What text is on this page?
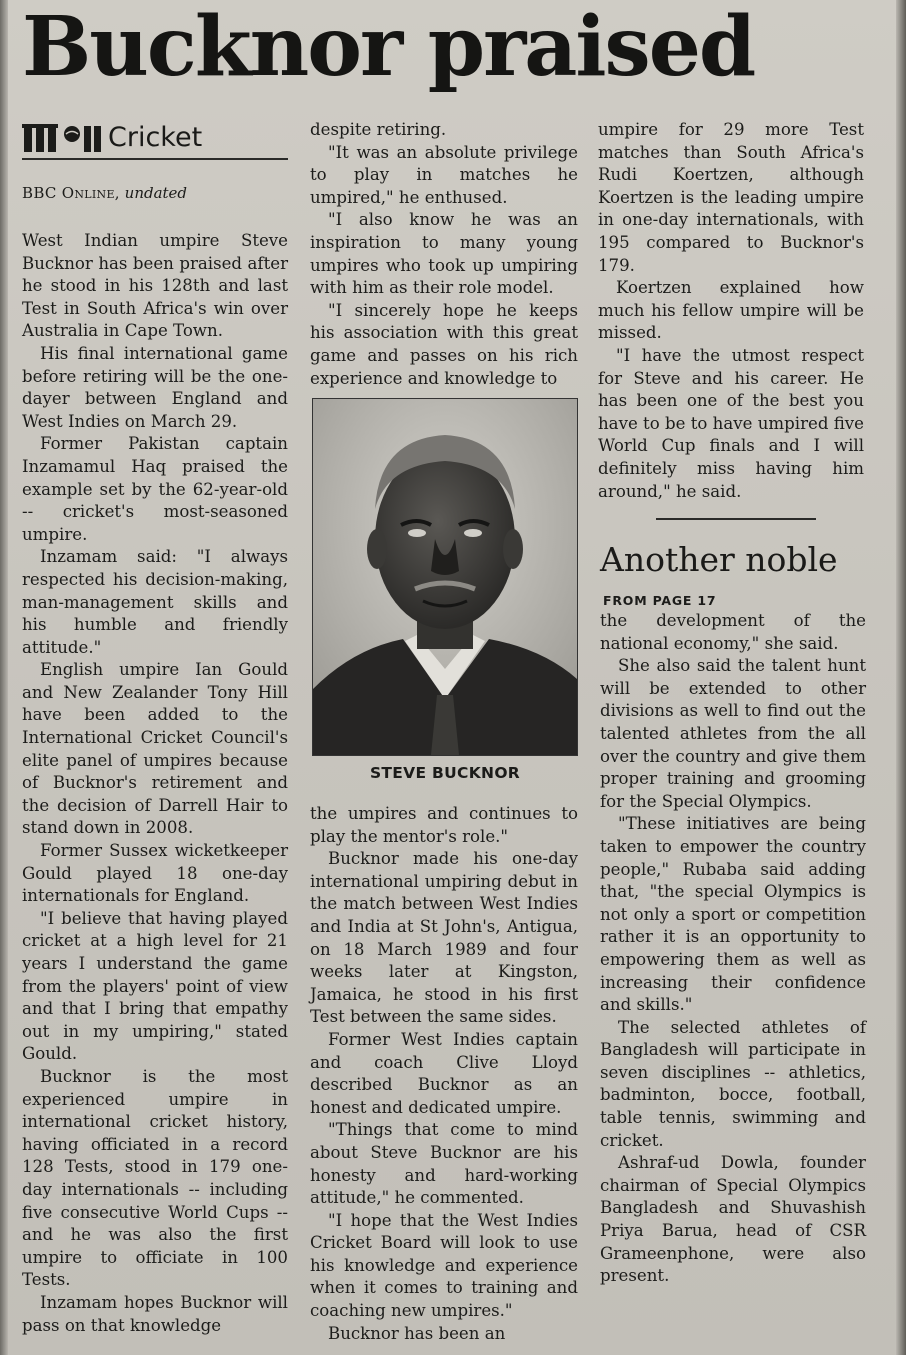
Bucknor praised
Cricket
BBC Online, undated

West Indian umpire Steve Bucknor has been praised after he stood in his 128th and last Test in South Africa's win over Australia in Cape Town.

His final international game before retiring will be the one-dayer between England and West Indies on March 29.

Former Pakistan captain Inzamamul Haq praised the example set by the 62-year-old -- cricket's most-seasoned umpire.

Inzamam said: "I always respected his decision-making, man-management skills and his humble and friendly attitude."

English umpire Ian Gould and New Zealander Tony Hill have been added to the International Cricket Council's elite panel of umpires because of Bucknor's retirement and the decision of Darrell Hair to stand down in 2008.

Former Sussex wicketkeeper Gould played 18 one-day internationals for England.

"I believe that having played cricket at a high level for 21 years I understand the game from the players' point of view and that I bring that empathy out in my umpiring," stated Gould.

Bucknor is the most experienced umpire in international cricket history, having officiated in a record 128 Tests, stood in 179 one-day internationals -- including five consecutive World Cups -- and he was also the first umpire to officiate in 100 Tests.

Inzamam hopes Bucknor will pass on that knowledge

despite retiring.

"It was an absolute privilege to play in matches he umpired," he enthused.

"I also know he was an inspiration to many young umpires who took up umpiring with him as their role model.

"I sincerely hope he keeps his association with this great game and passes on his rich experience and knowledge to

STEVE BUCKNOR

the umpires and continues to play the mentor's role."

Bucknor made his one-day international umpiring debut in the match between West Indies and India at St John's, Antigua, on 18 March 1989 and four weeks later at Kingston, Jamaica, he stood in his first Test between the same sides.

Former West Indies captain and coach Clive Lloyd described Bucknor as an honest and dedicated umpire.

"Things that come to mind about Steve Bucknor are his honesty and hard-working attitude," he commented.

"I hope that the West Indies Cricket Board will look to use his knowledge and experience when it comes to training and coaching new umpires."

Bucknor has been an

umpire for 29 more Test matches than South Africa's Rudi Koertzen, although Koertzen is the leading umpire in one-day internationals, with 195 compared to Bucknor's 179.

Koertzen explained how much his fellow umpire will be missed.

"I have the utmost respect for Steve and his career. He has been one of the best you have to be to have umpired five World Cup finals and I will definitely miss having him around," he said.

Another noble
FROM PAGE 17

the development of the national economy," she said.

She also said the talent hunt will be extended to other divisions as well to find out the talented athletes from the all over the country and give them proper training and grooming for the Special Olympics.

"These initiatives are being taken to empower the country people," Rubaba said adding that, "the special Olympics is not only a sport or competition rather it is an opportunity to empowering them as well as increasing their confidence and skills."

The selected athletes of Bangladesh will participate in seven disciplines -- athletics, badminton, bocce, football, table tennis, swimming and cricket.

Ashraf-ud Dowla, founder chairman of Special Olympics Bangladesh and Shuvashish Priya Barua, head of CSR Grameenphone, were also present.
